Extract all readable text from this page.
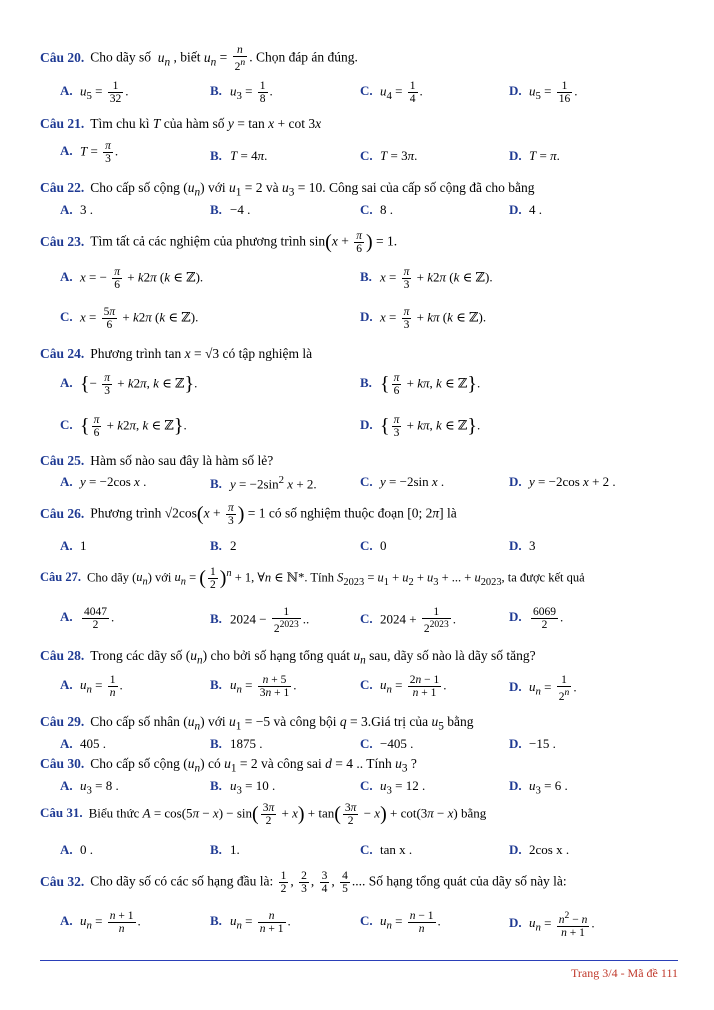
Câu 20. Cho dãy số  $u_n$ , biết $u_n = \frac{n}{2^n}$ . Chọn đáp án đúng.
A. $u_5 = \frac{1}{32}$ .	B. $u_3 = \frac{1}{8}$ .	C. $u_4 = \frac{1}{4}$ .	D. $u_5 = \frac{1}{16}$ .
Câu 21. Tìm chu kì T của hàm số y = tan x + cot 3x
A. $T = \frac{\pi}{3}$ .	B. T = 4π.	C. T = 3π.	D. T = π.
Câu 22. Cho cấp số cộng $(u_n)$ với $u_1 = 2$ và $u_3 = 10$. Công sai của cấp số cộng đã cho bằng
A. 3 .	B. −4 .	C. 8 .	D. 4 .
Câu 23. Tìm tất cả các nghiệm của phương trình $\sin(x + \frac{\pi}{6}$ ) = 1.
A. x = − $\frac{\pi}{6} + k2\pi$ (k ∈ ℤ).	B. $x = \frac{\pi}{3} + k2\pi$ (k ∈ ℤ).
C. $x = \frac{5\pi}{6} + k2\pi$ (k ∈ ℤ).	D. $x = \frac{\pi}{3} + k\pi$ (k ∈ ℤ).
Câu 24. Phương trình tan x = √3 có tập nghiệm là
A. {− $\frac{\pi}{3} + k2\pi$, k ∈ ℤ}.	B. { $\frac{\pi}{6} + k\pi$, k ∈ ℤ}.
C. { $\frac{\pi}{6} + k2\pi$, k ∈ ℤ}.	D. { $\frac{\pi}{3} + k\pi$, k ∈ ℤ}.
Câu 25. Hàm số nào sau đây là hàm số lẻ?
A. y = −2cos x .	B. $y = -2\sin^2$ x + 2.	C. y = −2sin x .	D. y = −2cos x + 2 .
Câu 26. Phương trình $√2\cos(x + \frac{\pi}{3}$ ) = 1 có số nghiệm thuộc đoạn [0; 2π] là
A. 1	B. 2	C. 0	D. 3
Câu 27. Cho dãy $(u_n)$ với $u_n$ = ( $\frac{1}{2} )^n + 1$, ∀n ∈ ℕ*. Tính $S_{2023} = u_1 + u_2 + u_3$ + ... + $u_{2023}$, ta được kết quả
A. $\frac{4047}{2}$ .	B. $2024 - \frac{1}{2^{2023}}$ ..	C. $2024 + \frac{1}{2^{2023}}$ .	D. $\frac{6069}{2}$ .
Câu 28. Trong các dãy số $(u_n)$ cho bởi số hạng tổng quát $u_n$ sau, dãy số nào là dãy số tăng?
A. $u_n = \frac{1}{n}$ .	B. $u_n = \frac{n + 5}{3n + 1}$ .	C. $u_n = \frac{2n - 1}{n + 1}$ .	D. $u_n = \frac{1}{2^n}$ .
Câu 29. Cho cấp số nhân $(u_n)$ với $u_1 = -5$ và công bội q = 3.Giá trị của $u_5$ bằng
A. 405 .	B. 1875 .	C. −405 .	D. −15 .
Câu 30. Cho cấp số cộng $(u_n)$ có $u_1 = 2$ và công sai d = 4 .. Tính $u_3$ ?
A. $u_3 = 8$ .	B. $u_3 = 10$ .	C. $u_3 = 12$ .	D. $u_3 = 6$ .
Câu 31. Biểu thức $A = \cos(5\pi - x) - \sin( \frac{3\pi}{2} + x) + \tan( \frac{3\pi}{2} - x) + \cot(3\pi - x)$ bằng
A. 0 .	B. 1.	C. tan x .	D. 2cos x .
Câu 32. Cho dãy số có các số hạng đầu là: $\frac{1}{2}$ , $\frac{2}{3}$ , $\frac{3}{4}$ , $\frac{4}{5}$ .... Số hạng tổng quát của dãy số này là:
A. $u_n = \frac{n + 1}{n}$ .	B. $u_n = \frac{n}{n + 1}$ .	C. $u_n = \frac{n - 1}{n}$ .	D. $u_n = \frac{n^2 - n}{n + 1}$ .
Trang 3/4 - Mã đề 111
